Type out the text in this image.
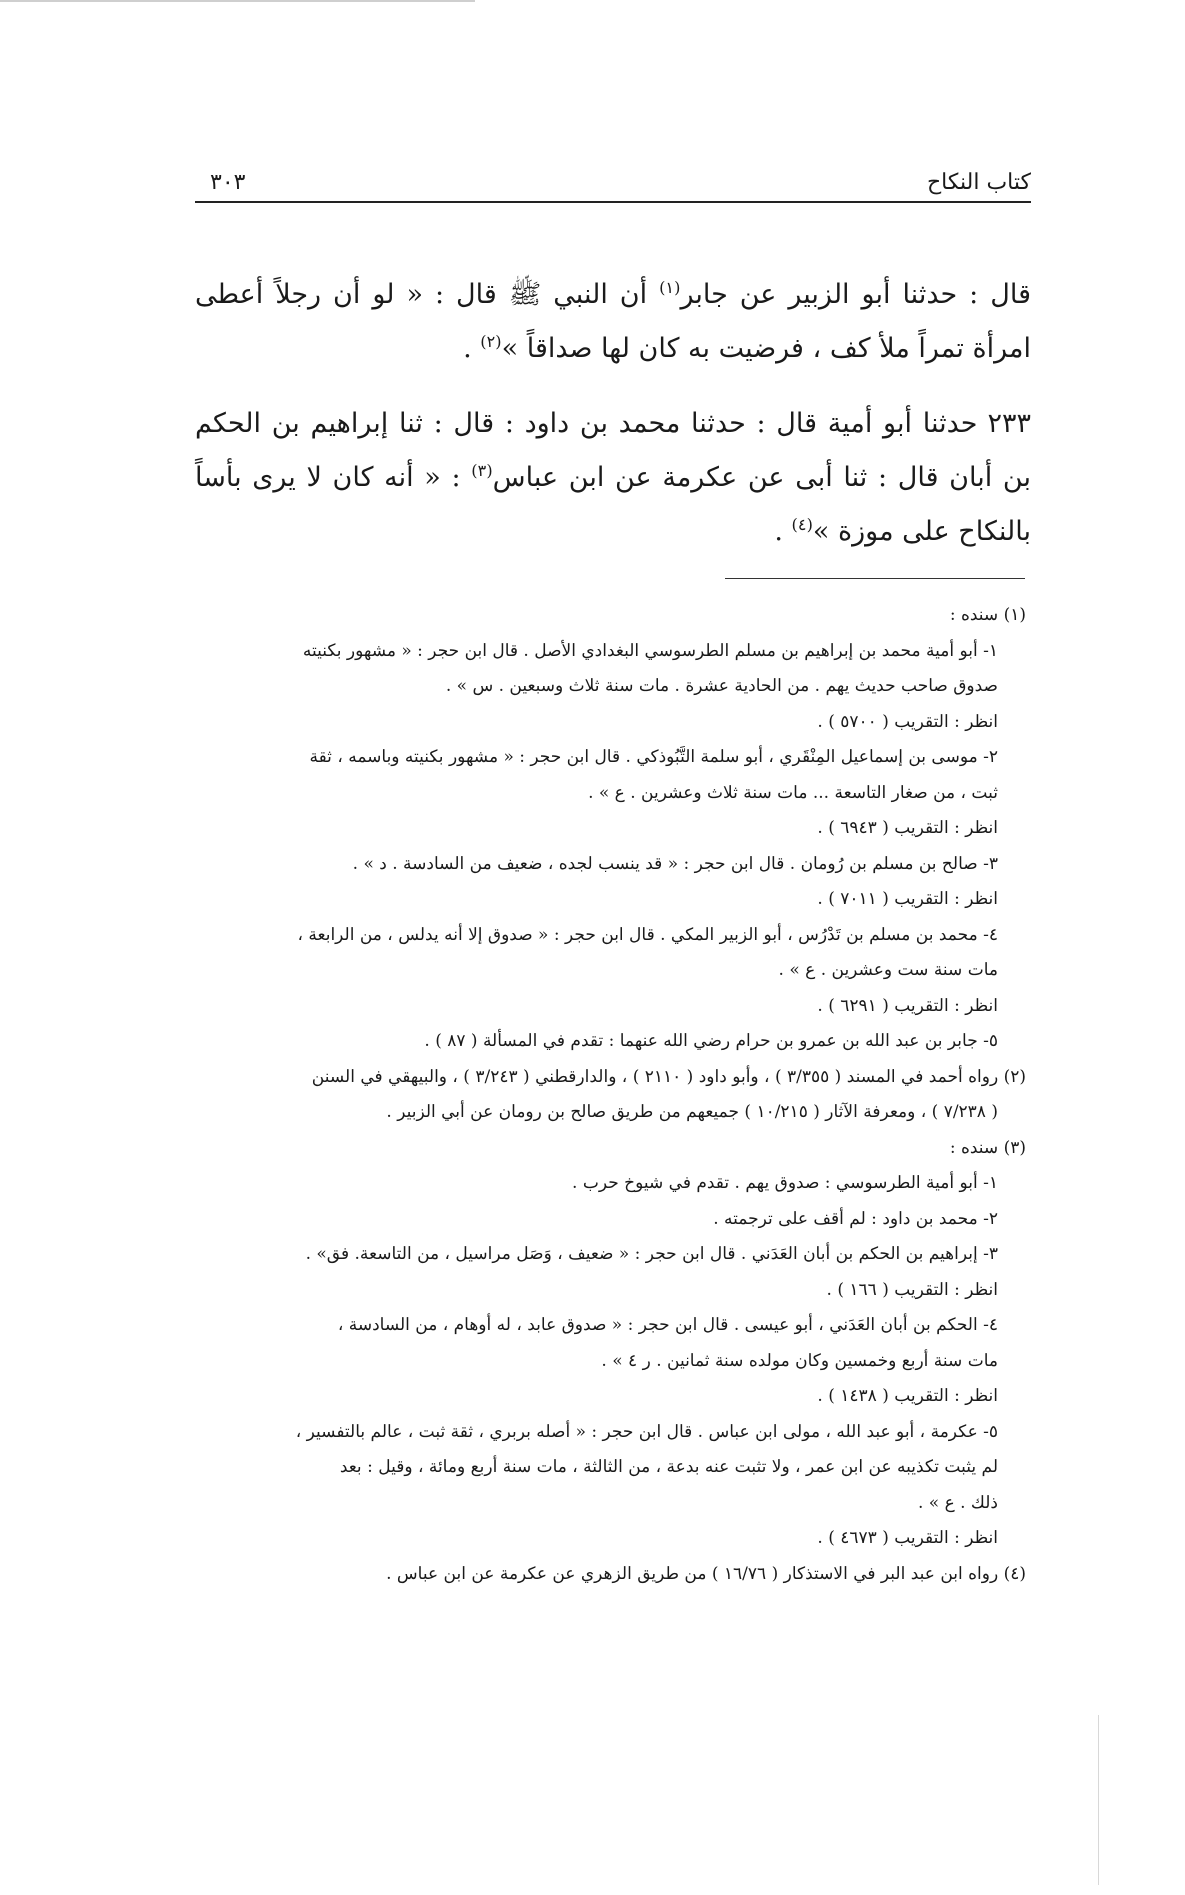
كتاب النكاح
٣٠٣

قال : حدثنا أبو الزبير عن جابر$^{(١)}$ أن النبي ﷺ قال : « لو أن رجلاً أعطى امرأة تمراً ملأ كف ، فرضيت به كان لها صداقاً »$^{(٢)}$ .

٢٣٣حدثنا أبو أمية قال : حدثنا محمد بن داود : قال : ثنا إبراهيم بن الحكم بن أبان قال : ثنا أبى عن عكرمة عن ابن عباس$^{(٣)}$ : « أنه كان لا يرى بأساً بالنكاح على موزة »$^{(٤)}$ .

(١) سنده :
١- أبو أمية محمد بن إبراهيم بن مسلم الطرسوسي البغدادي الأصل . قال ابن حجر : « مشهور بكنيته
صدوق صاحب حديث يهم . من الحادية عشرة . مات سنة ثلاث وسبعين . س » .
انظر : التقريب ( ٥٧٠٠ ) .
٢- موسى بن إسماعيل المِنْقَري ، أبو سلمة التَّبُوذكي . قال ابن حجر : « مشهور بكنيته وباسمه ، ثقة
ثبت ، من صغار التاسعة ... مات سنة ثلاث وعشرين . ع » .
انظر : التقريب ( ٦٩٤٣ ) .
٣- صالح بن مسلم بن رُومان . قال ابن حجر : « قد ينسب لجده ، ضعيف من السادسة . د » .
انظر : التقريب ( ٧٠١١ ) .
٤- محمد بن مسلم بن تَدْرُس ، أبو الزبير المكي . قال ابن حجر : « صدوق إلا أنه يدلس ، من الرابعة ،
مات سنة ست وعشرين . ع » .
انظر : التقريب ( ٦٢٩١ ) .
٥- جابر بن عبد الله بن عمرو بن حرام رضي الله عنهما : تقدم في المسألة ( ٨٧ ) .
(٢) رواه أحمد في المسند ( ٣/٣٥٥ ) ، وأبو داود ( ٢١١٠ ) ، والدارقطني ( ٣/٢٤٣ ) ، والبيهقي في السنن
( ٧/٢٣٨ ) ، ومعرفة الآثار ( ١٠/٢١٥ ) جميعهم من طريق صالح بن رومان عن أبي الزبير .
(٣) سنده :
١- أبو أمية الطرسوسي : صدوق يهم . تقدم في شيوخ حرب .
٢- محمد بن داود : لم أقف على ترجمته .
٣- إبراهيم بن الحكم بن أبان العَدَني . قال ابن حجر : « ضعيف ، وَصَل مراسيل ، من التاسعة. فق» .
انظر : التقريب ( ١٦٦ ) .
٤- الحكم بن أبان العَدَني ، أبو عيسى . قال ابن حجر : « صدوق عابد ، له أوهام ، من السادسة ،
مات سنة أربع وخمسين وكان مولده سنة ثمانين . ر ٤ » .
انظر : التقريب ( ١٤٣٨ ) .
٥- عكرمة ، أبو عبد الله ، مولى ابن عباس . قال ابن حجر : « أصله بربري ، ثقة ثبت ، عالم بالتفسير ،
لم يثبت تكذيبه عن ابن عمر ، ولا تثبت عنه بدعة ، من الثالثة ، مات سنة أربع ومائة ، وقيل : بعد
ذلك . ع » .
انظر : التقريب ( ٤٦٧٣ ) .
(٤) رواه ابن عبد البر في الاستذكار ( ١٦/٧٦ ) من طريق الزهري عن عكرمة عن ابن عباس .
